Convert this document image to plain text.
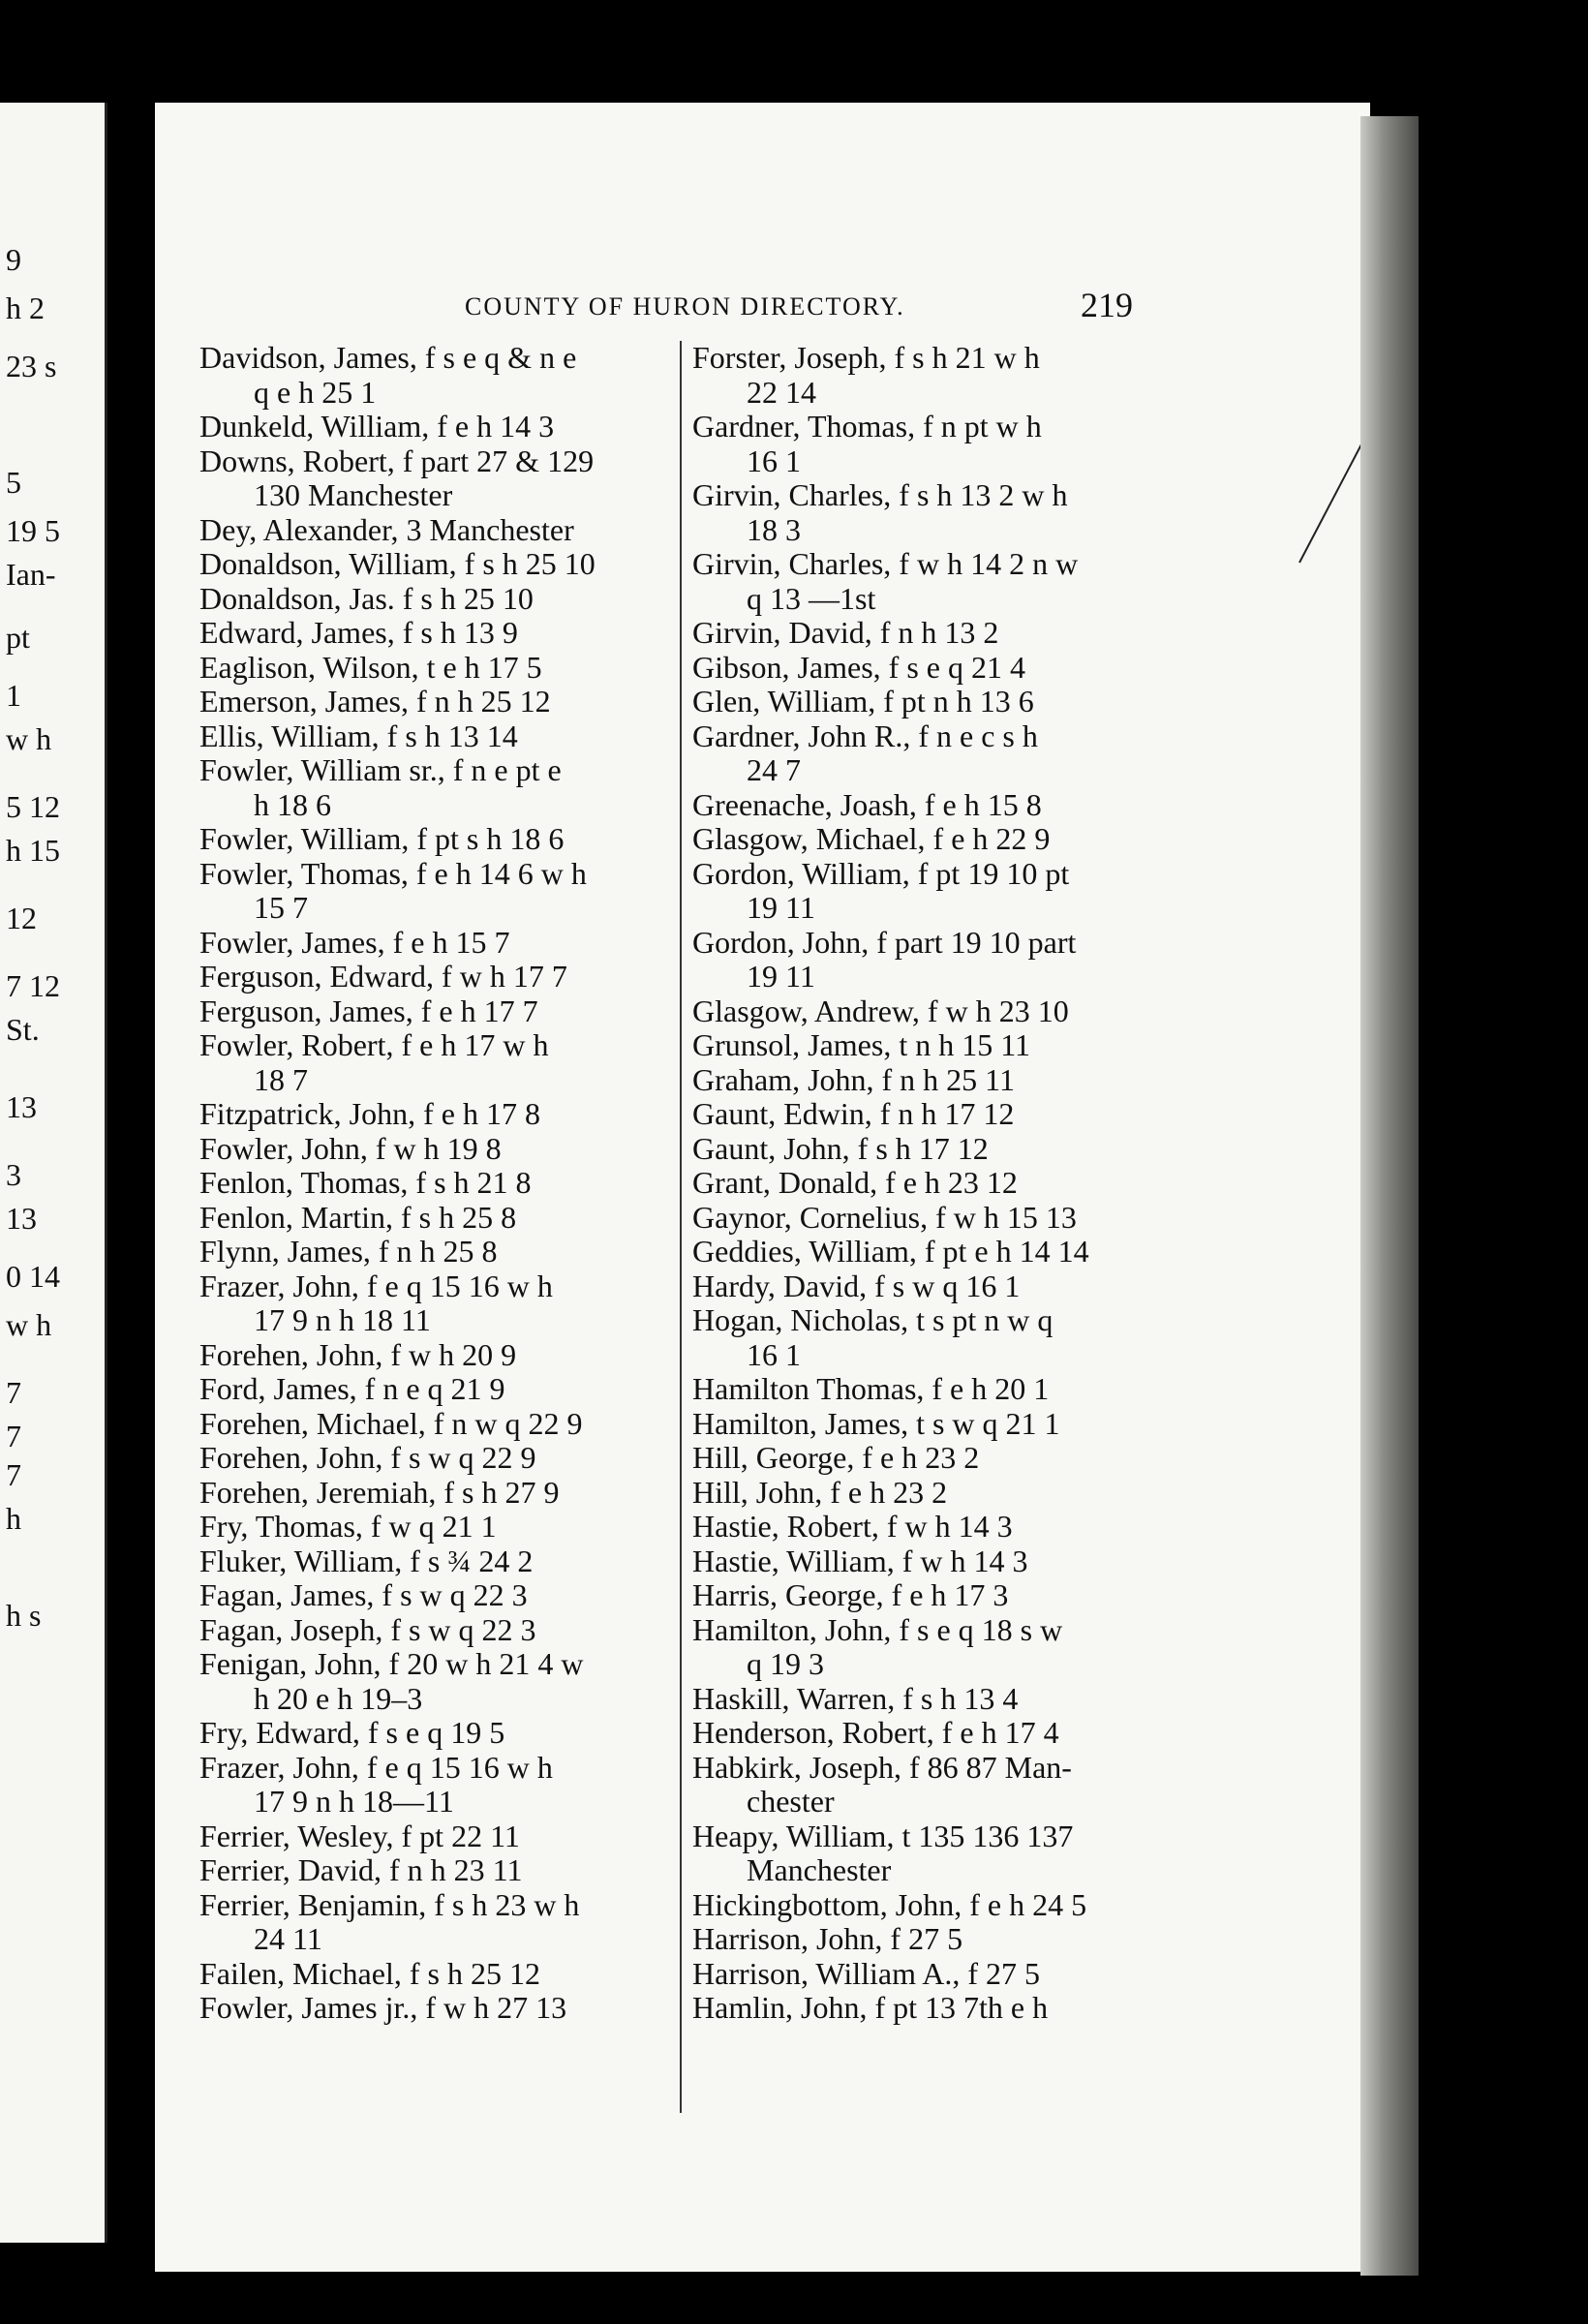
9
h 2
23 s
5
19 5
Ian-
pt
1
w h
5 12
h 15
12
7 12
St.
13
3
13
0 14
w h
7
7
7
h
h s
COUNTY OF HURON DIRECTORY.	219
Davidson, James, f s e q & n e
q e h 25 1
Dunkeld, William, f e h 14 3
Downs, Robert, f part 27 & 129
130 Manchester
Dey, Alexander, 3 Manchester
Donaldson, William, f s h 25 10
Donaldson, Jas. f s h 25 10
Edward, James, f s h 13 9
Eaglison, Wilson, t e h 17 5
Emerson, James, f n h 25 12
Ellis, William, f s h 13 14
Fowler, William sr., f n e pt e
h 18 6
Fowler, William, f pt s h 18 6
Fowler, Thomas, f e h 14 6 w h
15 7
Fowler, James, f e h 15 7
Ferguson, Edward, f w h 17 7
Ferguson, James, f e h 17 7
Fowler, Robert, f e h 17 w h
18 7
Fitzpatrick, John, f e h 17 8
Fowler, John, f w h 19 8
Fenlon, Thomas, f s h 21 8
Fenlon, Martin, f s h 25 8
Flynn, James, f n h 25 8
Frazer, John, f e q 15 16 w h
17 9 n h 18 11
Forehen, John, f w h 20 9
Ford, James, f n e q 21 9
Forehen, Michael, f n w q 22 9
Forehen, John, f s w q 22 9
Forehen, Jeremiah, f s h 27 9
Fry, Thomas, f w q 21 1
Fluker, William, f s ¾ 24 2
Fagan, James, f s w q 22 3
Fagan, Joseph, f s w q 22 3
Fenigan, John, f 20 w h 21 4 w
h 20 e h 19–3
Fry, Edward, f s e q 19 5
Frazer, John, f e q 15 16 w h
17 9 n h 18—11
Ferrier, Wesley, f pt 22 11
Ferrier, David, f n h 23 11
Ferrier, Benjamin, f s h 23 w h
24 11
Failen, Michael, f s h 25 12
Fowler, James jr., f w h 27 13
Forster, Joseph, f s h 21 w h
22 14
Gardner, Thomas, f n pt w h
16 1
Girvin, Charles, f s h 13 2 w h
18 3
Girvin, Charles, f w h 14 2 n w
q 13 —1st
Girvin, David, f n h 13 2
Gibson, James, f s e q 21 4
Glen, William, f pt n h 13 6
Gardner, John R., f n e c s h
24 7
Greenache, Joash, f e h 15 8
Glasgow, Michael, f e h 22 9
Gordon, William, f pt 19 10 pt
19 11
Gordon, John, f part 19 10 part
19 11
Glasgow, Andrew, f w h 23 10
Grunsol, James, t n h 15 11
Graham, John, f n h 25 11
Gaunt, Edwin, f n h 17 12
Gaunt, John, f s h 17 12
Grant, Donald, f e h 23 12
Gaynor, Cornelius, f w h 15 13
Geddies, William, f pt e h 14 14
Hardy, David, f s w q 16 1
Hogan, Nicholas, t s pt n w q
16 1
Hamilton Thomas, f e h 20 1
Hamilton, James, t s w q 21 1
Hill, George, f e h 23 2
Hill, John, f e h 23 2
Hastie, Robert, f w h 14 3
Hastie, William, f w h 14 3
Harris, George, f e h 17 3
Hamilton, John, f s e q 18 s w
q 19 3
Haskill, Warren, f s h 13 4
Henderson, Robert, f e h 17 4
Habkirk, Joseph, f 86 87 Man-
chester
Heapy, William, t 135 136 137
Manchester
Hickingbottom, John, f e h 24 5
Harrison, John, f 27 5
Harrison, William A., f 27 5
Hamlin, John, f pt 13 7th e h
